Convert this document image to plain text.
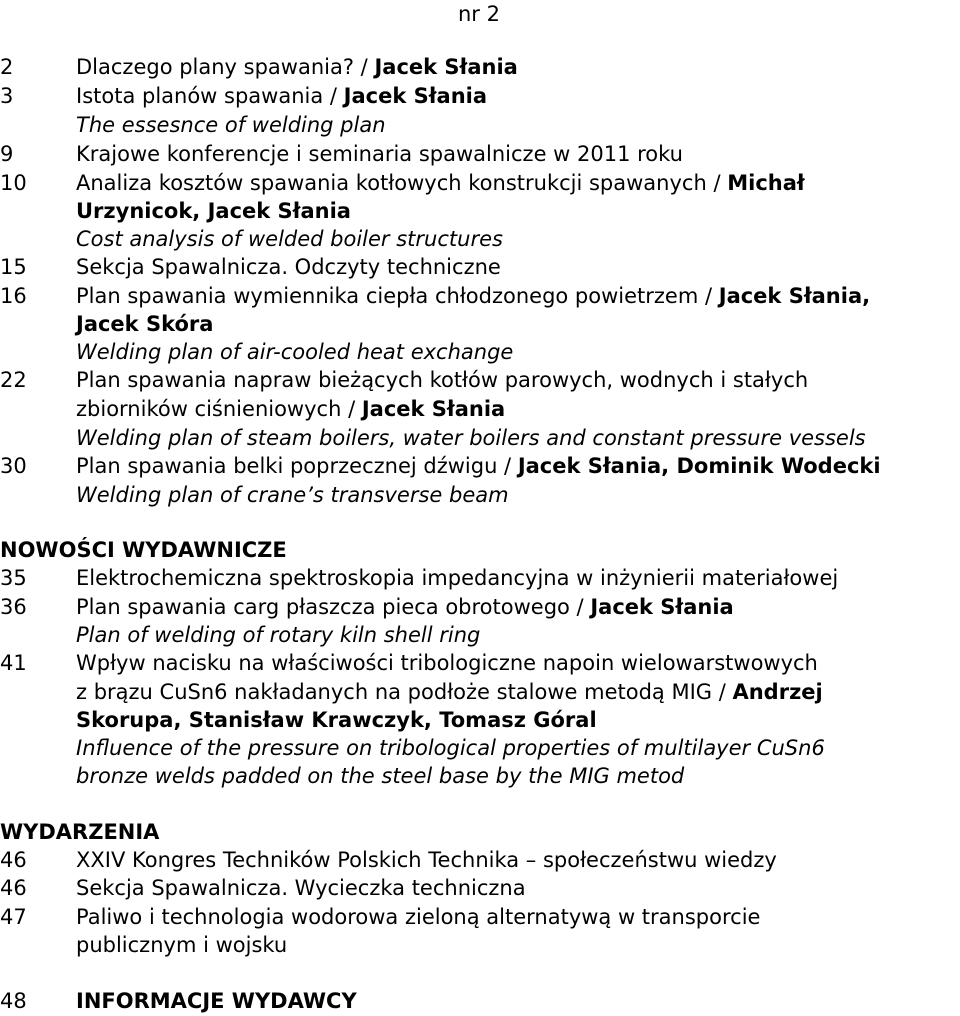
nr 2
2	Dlaczego plany spawania? / Jacek Słania
3	Istota planów spawania / Jacek Słania
The essesnce of welding plan
9	Krajowe konferencje i seminaria spawalnicze w 2011 roku
10	Analiza kosztów spawania kotłowych konstrukcji spawanych / Michał
Urzynicok, Jacek Słania
Cost analysis of welded boiler structures
15	Sekcja Spawalnicza. Odczyty techniczne
16	Plan spawania wymiennika ciepła chłodzonego powietrzem / Jacek Słania,
Jacek Skóra
Welding plan of air-cooled heat exchange
22	Plan spawania napraw bieżących kotłów parowych, wodnych i stałych
zbiorników ciśnieniowych / Jacek Słania
Welding plan of steam boilers, water boilers and constant pressure vessels
30	Plan spawania belki poprzecznej dźwigu / Jacek Słania, Dominik Wodecki
Welding plan of crane’s transverse beam
NOWOŚCI WYDAWNICZE
35	Elektrochemiczna spektroskopia impedancyjna w inżynierii materiałowej
36	Plan spawania carg płaszcza pieca obrotowego / Jacek Słania
Plan of welding of rotary kiln shell ring
41	Wpływ nacisku na właściwości tribologiczne napoin wielowarstwowych
z brązu CuSn6 nakładanych na podłoże stalowe metodą MIG / Andrzej
Skorupa, Stanisław Krawczyk, Tomasz Góral
Influence of the pressure on tribological properties of multilayer CuSn6
bronze welds padded on the steel base by the MIG metod
WYDARZENIA
46	XXIV Kongres Techników Polskich Technika – społeczeństwu wiedzy
46	Sekcja Spawalnicza. Wycieczka techniczna
47	Paliwo i technologia wodorowa zieloną alternatywą w transporcie
publicznym i wojsku
48	INFORMACJE WYDAWCY
